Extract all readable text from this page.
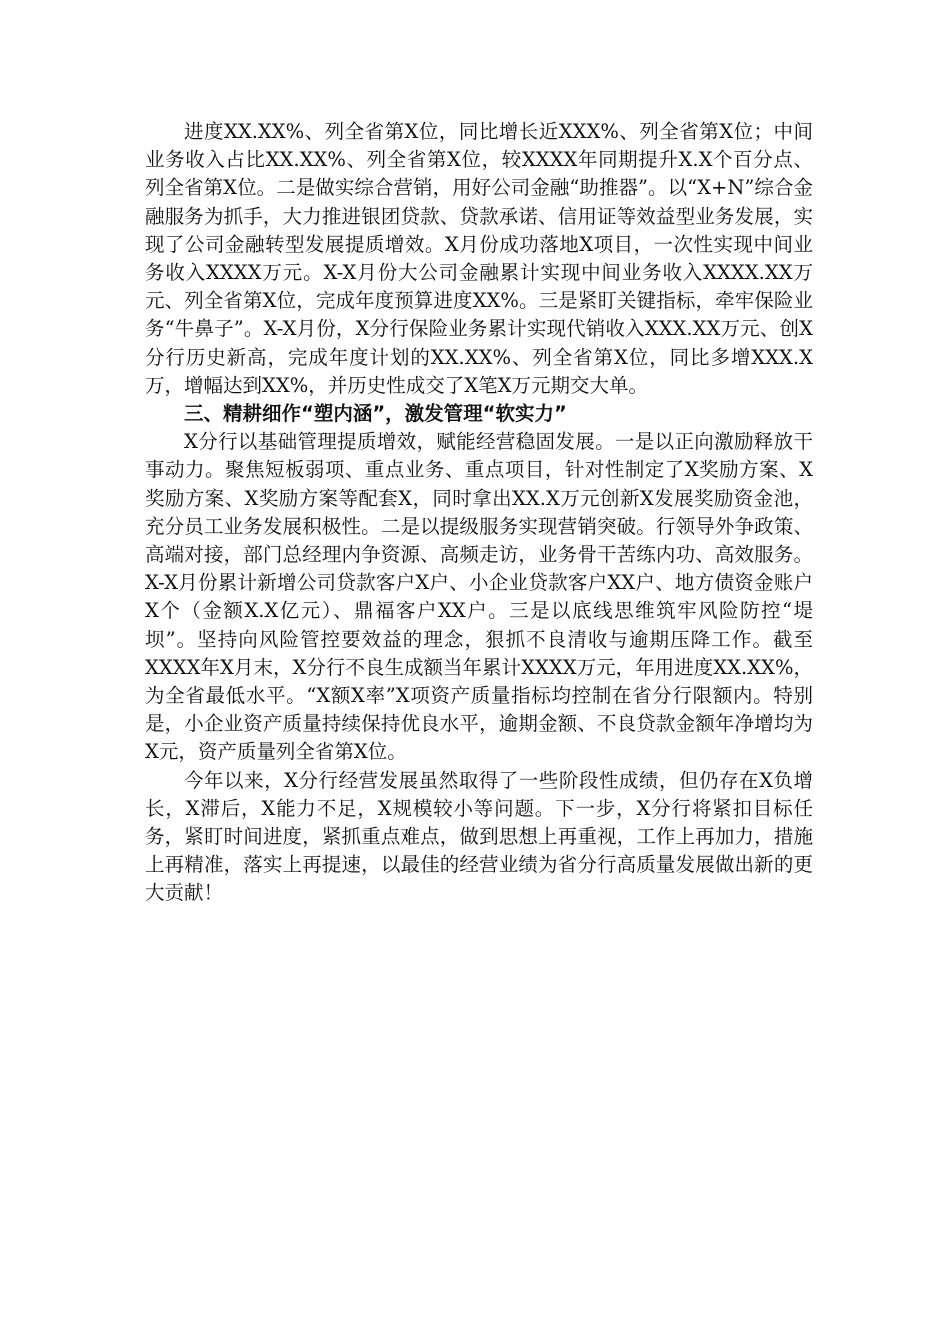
进度XX.XX%、列全省第X位，同比增长近XXX%、列全省第X位；中间业务收入占比XX.XX%、列全省第X位，较XXXX年同期提升X.X个百分点、列全省第X位。二是做实综合营销，用好公司金融“助推器”。以“X+N”综合金融服务为抓手，大力推进银团贷款、贷款承诺、信用证等效益型业务发展，实现了公司金融转型发展提质增效。X月份成功落地X项目，一次性实现中间业务收入XXXX万元。X-X月份大公司金融累计实现中间业务收入XXXX.XX万元、列全省第X位，完成年度预算进度XX%。三是紧盯关键指标，牵牢保险业务“牛鼻子”。X-X月份，X分行保险业务累计实现代销收入XXX.XX万元、创X分行历史新高，完成年度计划的XX.XX%、列全省第X位，同比多增XXX.X万，增幅达到XX%，并历史性成交了X笔X万元期交大单。

三、精耕细作“塑内涵”，激发管理“软实力”

X分行以基础管理提质增效，赋能经营稳固发展。一是以正向激励释放干事动力。聚焦短板弱项、重点业务、重点项目，针对性制定了X奖励方案、X奖励方案、X奖励方案等配套X，同时拿出XX.X万元创新X发展奖励资金池，充分员工业务发展积极性。二是以提级服务实现营销突破。行领导外争政策、高端对接，部门总经理内争资源、高频走访，业务骨干苦练内功、高效服务。X-X月份累计新增公司贷款客户X户、小企业贷款客户XX户、地方债资金账户X个（金额X.X亿元）、鼎福客户XX户。三是以底线思维筑牢风险防控“堤坝”。坚持向风险管控要效益的理念，狠抓不良清收与逾期压降工作。截至XXXX年X月末，X分行不良生成额当年累计XXXX万元，年用进度XX.XX%，为全省最低水平。“X额X率”X项资产质量指标均控制在省分行限额内。特别是，小企业资产质量持续保持优良水平，逾期金额、不良贷款金额年净增均为X元，资产质量列全省第X位。

今年以来，X分行经营发展虽然取得了一些阶段性成绩，但仍存在X负增长，X滞后，X能力不足，X规模较小等问题。下一步，X分行将紧扣目标任务，紧盯时间进度，紧抓重点难点，做到思想上再重视，工作上再加力，措施上再精准，落实上再提速，以最佳的经营业绩为省分行高质量发展做出新的更大贡献！
